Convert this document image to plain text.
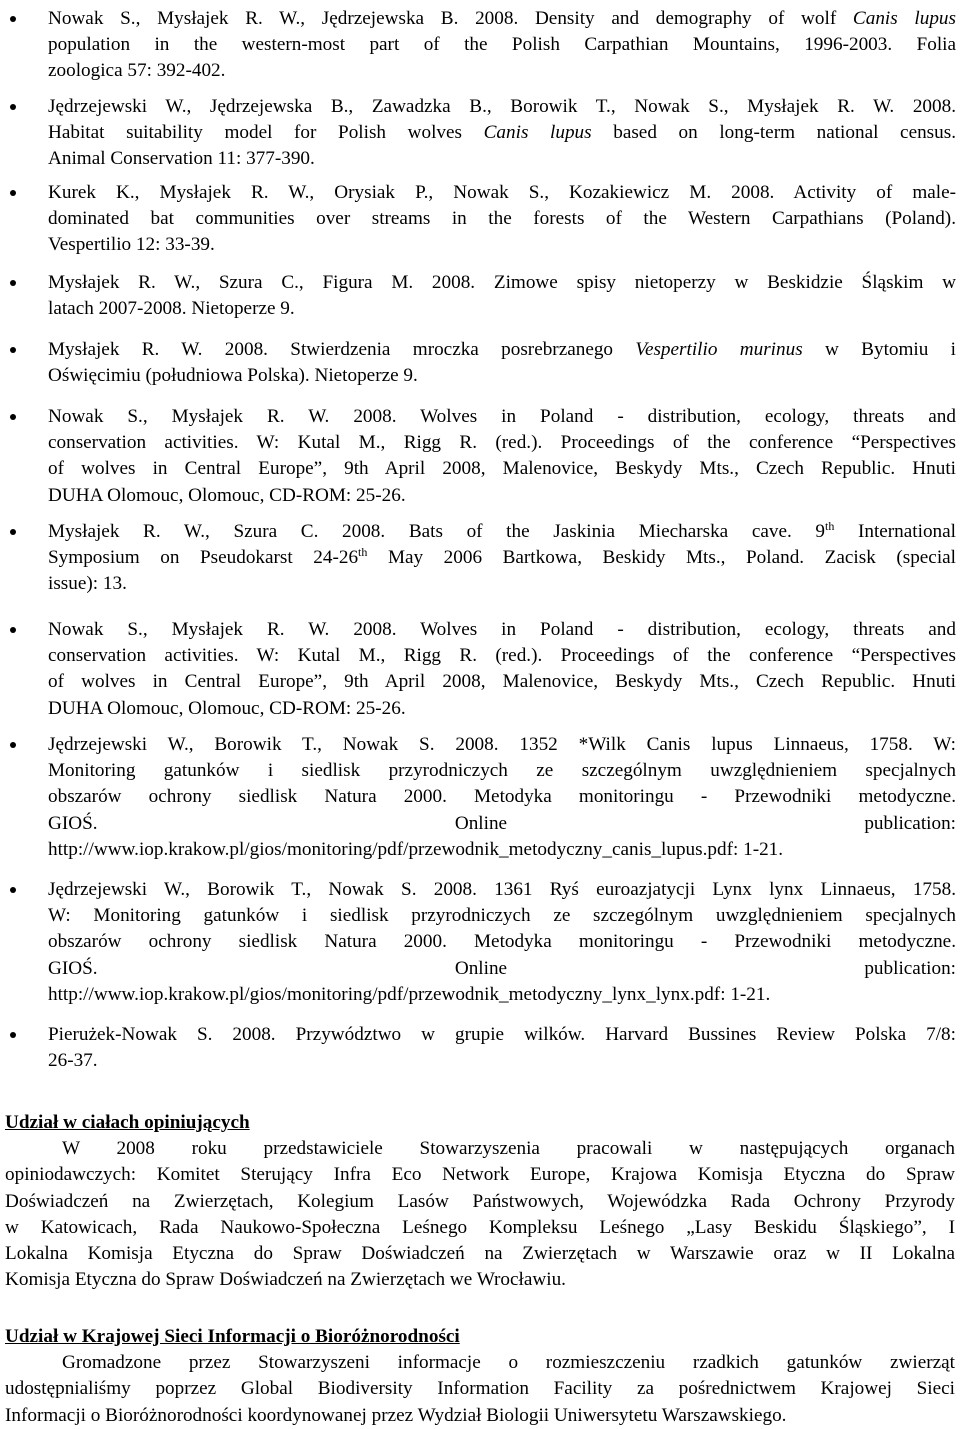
Nowak S., Mysłajek R. W., Jędrzejewska B. 2008. Density and demography of wolf Canis lupus
population in the western-most part of the Polish Carpathian Mountains, 1996-2003. Folia
zoologica 57: 392-402.

Jędrzejewski W., Jędrzejewska B., Zawadzka B., Borowik T., Nowak S., Mysłajek R. W. 2008.
Habitat suitability model for Polish wolves Canis lupus based on long-term national census.
Animal Conservation 11: 377-390.

Kurek K., Mysłajek R. W., Orysiak P., Nowak S., Kozakiewicz M. 2008. Activity of male-
dominated bat communities over streams in the forests of the Western Carpathians (Poland).
Vespertilio 12: 33-39.

Mysłajek R. W., Szura C., Figura M. 2008. Zimowe spisy nietoperzy w Beskidzie Śląskim w
latach 2007-2008. Nietoperze 9.

Mysłajek R. W. 2008. Stwierdzenia mroczka posrebrzanego Vespertilio murinus w Bytomiu i
Oświęcimiu (południowa Polska). Nietoperze 9.

Nowak S., Mysłajek R. W. 2008. Wolves in Poland - distribution, ecology, threats and
conservation activities. W: Kutal M., Rigg R. (red.). Proceedings of the conference “Perspectives
of wolves in Central Europe”, 9th April 2008, Malenovice, Beskydy Mts., Czech Republic. Hnuti
DUHA Olomouc, Olomouc, CD-ROM: 25-26.

Mysłajek R. W., Szura C. 2008. Bats of the Jaskinia Miecharska cave. 9th International
Symposium on Pseudokarst 24-26th May 2006 Bartkowa, Beskidy Mts., Poland. Zacisk (special
issue): 13.

Nowak S., Mysłajek R. W. 2008. Wolves in Poland - distribution, ecology, threats and
conservation activities. W: Kutal M., Rigg R. (red.). Proceedings of the conference “Perspectives
of wolves in Central Europe”, 9th April 2008, Malenovice, Beskydy Mts., Czech Republic. Hnuti
DUHA Olomouc, Olomouc, CD-ROM: 25-26.

Jędrzejewski W., Borowik T., Nowak S. 2008. 1352 *Wilk Canis lupus Linnaeus, 1758. W:
Monitoring gatunków i siedlisk przyrodniczych ze szczególnym uwzględnieniem specjalnych
obszarów ochrony siedlisk Natura 2000. Metodyka monitoringu - Przewodniki metodyczne.
GIOŚ. Online publication:
http://www.iop.krakow.pl/gios/monitoring/pdf/przewodnik_metodyczny_canis_lupus.pdf: 1-21.

Jędrzejewski W., Borowik T., Nowak S. 2008. 1361 Ryś euroazjatycji Lynx lynx Linnaeus, 1758.
W: Monitoring gatunków i siedlisk przyrodniczych ze szczególnym uwzględnieniem specjalnych
obszarów ochrony siedlisk Natura 2000. Metodyka monitoringu - Przewodniki metodyczne.
GIOŚ. Online publication:
http://www.iop.krakow.pl/gios/monitoring/pdf/przewodnik_metodyczny_lynx_lynx.pdf: 1-21.

Pierużek-Nowak S. 2008. Przywództwo w grupie wilków. Harvard Bussines Review Polska 7/8:
26-37.

Udział w ciałach opiniujących

W 2008 roku przedstawiciele Stowarzyszenia pracowali w następujących organach
opiniodawczych: Komitet Sterujący Infra Eco Network Europe, Krajowa Komisja Etyczna do Spraw
Doświadczeń na Zwierzętach, Kolegium Lasów Państwowych, Wojewódzka Rada Ochrony Przyrody
w Katowicach, Rada Naukowo-Społeczna Leśnego Kompleksu Leśnego „Lasy Beskidu Śląskiego”, I
Lokalna Komisja Etyczna do Spraw Doświadczeń na Zwierzętach w Warszawie oraz w II Lokalna
Komisja Etyczna do Spraw Doświadczeń na Zwierzętach we Wrocławiu.

Udział w Krajowej Sieci Informacji o Bioróżnorodności

Gromadzone przez Stowarzyszeni informacje o rozmieszczeniu rzadkich gatunków zwierząt
udostępnialiśmy poprzez Global Biodiversity Information Facility za pośrednictwem Krajowej Sieci
Informacji o Bioróżnorodności koordynowanej przez Wydział Biologii Uniwersytetu Warszawskiego.
